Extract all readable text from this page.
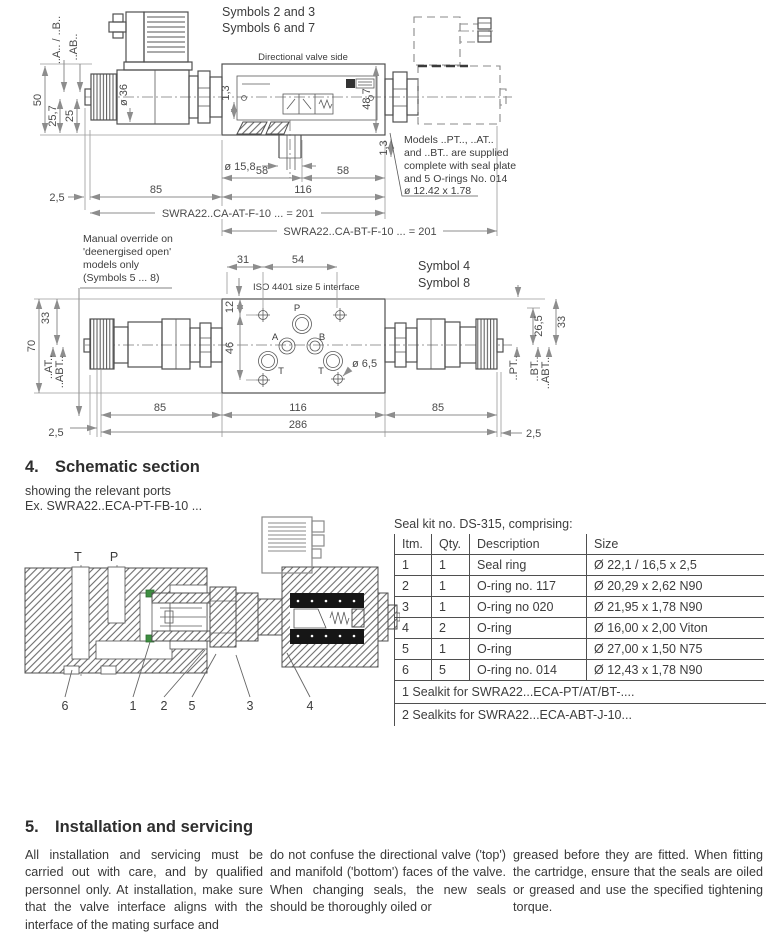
Symbols 2 and 3
Symbols 6 and 7
Directional valve side
Models ..PT.., ..AT..
and ..BT.. are supplied
complete with seal plate
and 5 O-rings No. 014
ø 12.42 x 1.78
50
25,7 25
..A.. / ..B.. ..AB..
ø 36	1,3	48,7
1,3
ø 15,8 58	58
2,5
85	116
SWRA22..CA-AT-F-10 ... = 201
SWRA22..CA-BT-F-10 ... = 201
Manual override on
'deenergised open'
models only
(Symbols 5 ... 8)
P
A	B
T	T
Symbol 4
Symbol 8
ISO 4401 size 5 interface
31	54
12
46
ø 6,5
70
33
..AT.. ..ABT..
26,5 33
..PT.. ..BT.. ..ABT..
85	116	85
286
2,5	2,5
4. Schematic section
showing the relevant ports
Ex. SWRA22..ECA-PT-FB-10 ...
T P
6	1 2 5	3	4
Seal kit no. DS-315, comprising:
Itm.	Qty.	Description	Size
1	1	Seal ring	Ø 22,1 / 16,5 x 2,5
2	1	O-ring no. 117	Ø 20,29 x 2,62 N90
3	1	O-ring no 020	Ø 21,95 x 1,78 N90
4	2	O-ring	Ø 16,00 x 2,00 Viton
5	1	O-ring	Ø 27,00 x 1,50 N75
6	5	O-ring no. 014	Ø 12,43 x 1,78 N90
1 Sealkit for SWRA22...ECA-PT/AT/BT-....
2 Sealkits for SWRA22...ECA-ABT-J-10...
5. Installation and servicing
All installation and servicing must be carried out with care, and by qualified personnel only. At installation, make sure that the valve interface aligns with the interface of the mating surface and
do not confuse the directional valve ('top') and manifold ('bottom') faces of the valve. When changing seals, the new seals should be thoroughly oiled or
greased before they are fitted. When fitting the cartridge, ensure that the seals are oiled or greased and use the specified tightening torque.
